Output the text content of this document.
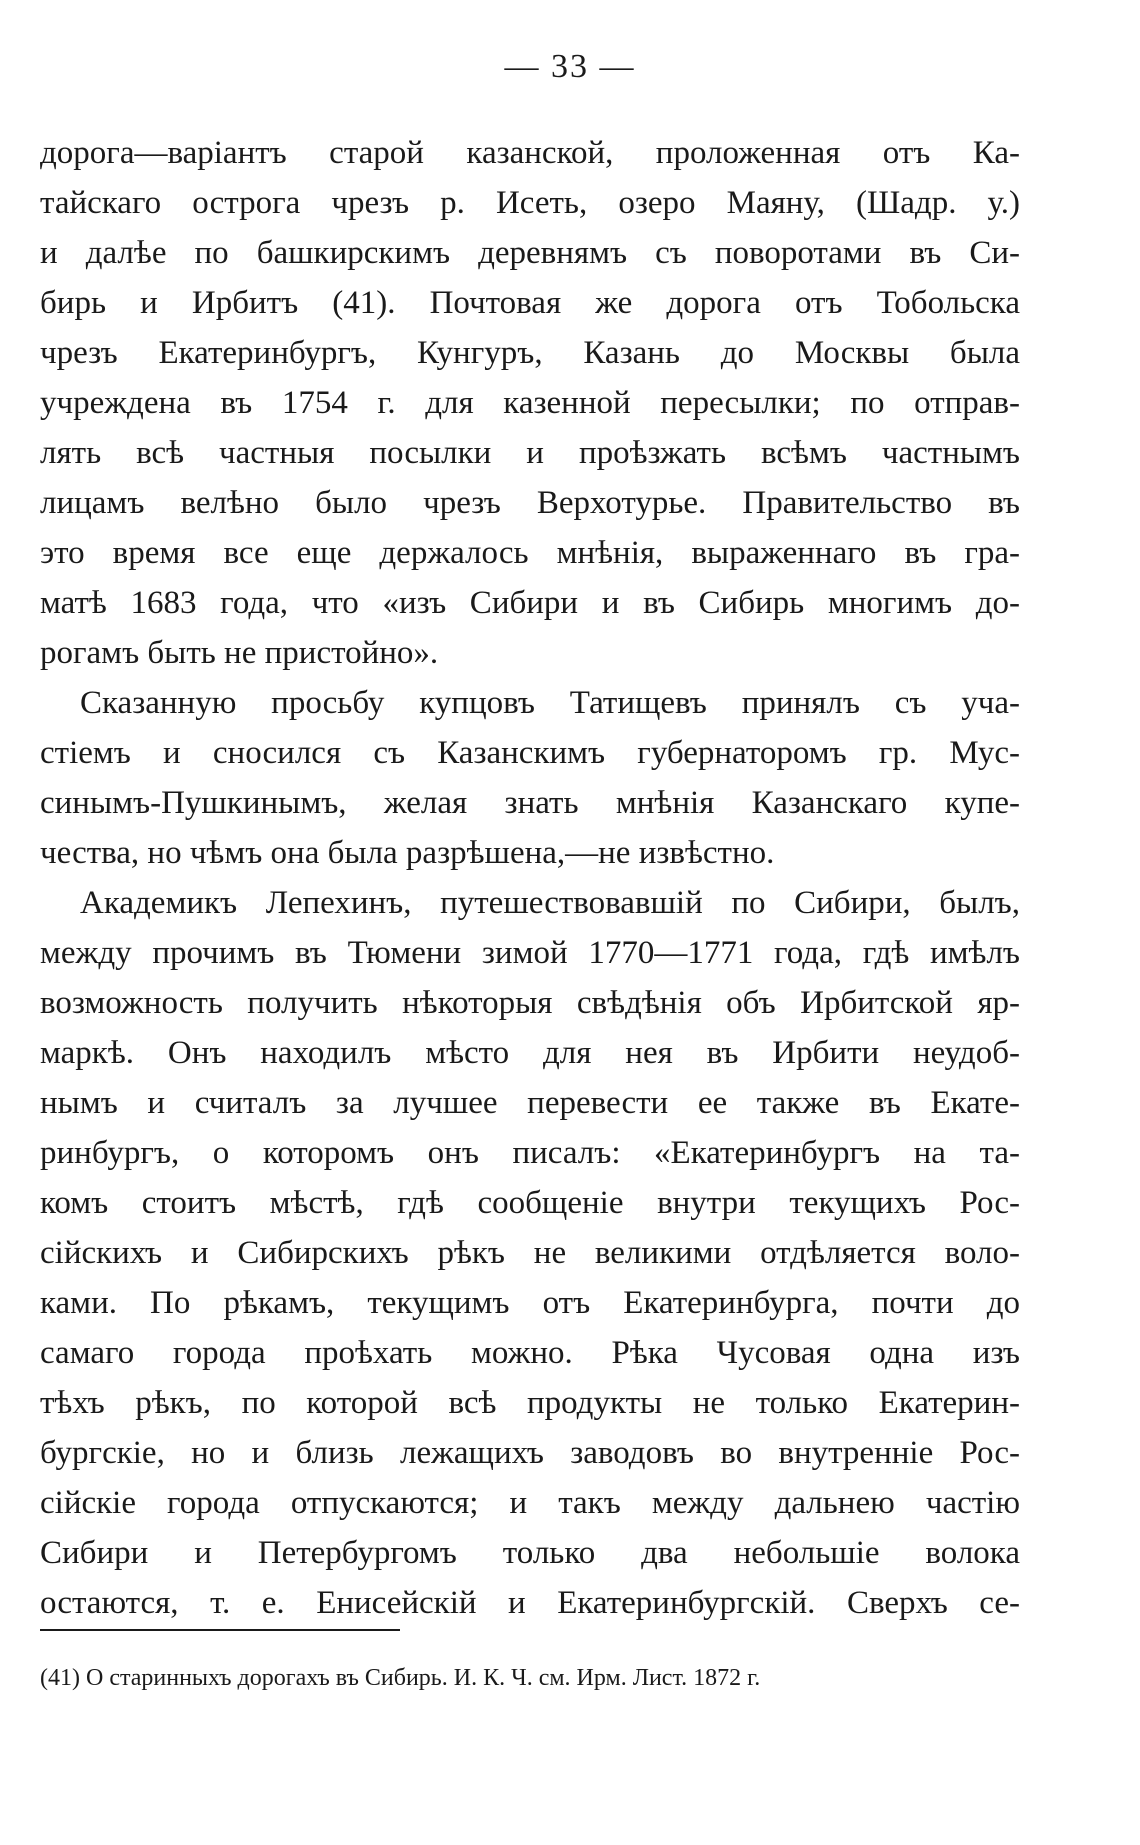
— 33 —
дорога—варіантъ старой казанской, проложенная отъ Ка-
тайскаго острога чрезъ р. Исеть, озеро Маяну, (Шадр. у.)
и далѣе по башкирскимъ деревнямъ съ поворотами въ Си-
бирь и Ирбитъ (41). Почтовая же дорога отъ Тобольска
чрезъ Екатеринбургъ, Кунгуръ, Казань до Москвы была
учреждена въ 1754 г. для казенной пересылки; по отправ-
лять всѣ частныя посылки и проѣзжать всѣмъ частнымъ
лицамъ велѣно было чрезъ Верхотурье. Правительство въ
это время все еще держалось мнѣнія, выраженнаго въ гра-
матѣ 1683 года, что «изъ Сибири и въ Сибирь многимъ до-
рогамъ быть не пристойно».
Сказанную просьбу купцовъ Татищевъ принялъ съ уча-
стіемъ и сносился съ Казанскимъ губернаторомъ гр. Мус-
синымъ-Пушкинымъ, желая знать мнѣнія Казанскаго купе-
чества, но чѣмъ она была разрѣшена,—не извѣстно.
Академикъ Лепехинъ, путешествовавшій по Сибири, былъ,
между прочимъ въ Тюмени зимой 1770—1771 года, гдѣ имѣлъ
возможность получить нѣкоторыя свѣдѣнія объ Ирбитской яр-
маркѣ. Онъ находилъ мѣсто для нея въ Ирбити неудоб-
нымъ и считалъ за лучшее перевести ее также въ Екате-
ринбургъ, о которомъ онъ писалъ: «Екатеринбургъ на та-
комъ стоитъ мѣстѣ, гдѣ сообщеніе внутри текущихъ Рос-
сійскихъ и Сибирскихъ рѣкъ не великими отдѣляется воло-
ками. По рѣкамъ, текущимъ отъ Екатеринбурга, почти до
самаго города проѣхать можно. Рѣка Чусовая одна изъ
тѣхъ рѣкъ, по которой всѣ продукты не только Екатерин-
бургскіе, но и близь лежащихъ заводовъ во внутренніе Рос-
сійскіе города отпускаются; и такъ между дальнею частію
Сибири и Петербургомъ только два небольшіе волока
остаются, т. е. Енисейскій и Екатеринбургскій. Сверхъ се-
(41) О старинныхъ дорогахъ въ Сибирь. И. К. Ч. см. Ирм. Лист. 1872 г.
